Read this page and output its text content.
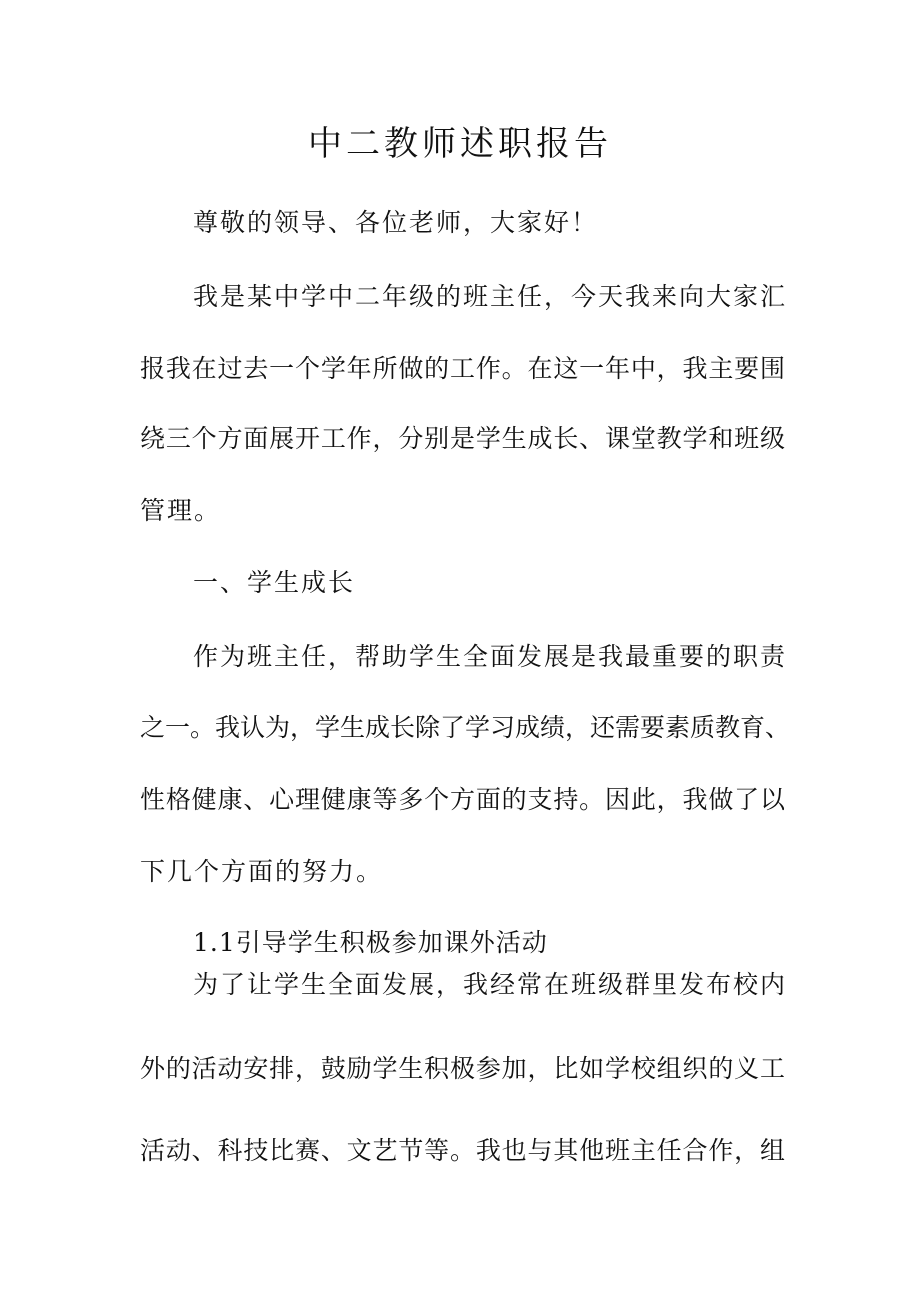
中二教师述职报告
尊敬的领导、各位老师，大家好！
我是某中学中二年级的班主任，今天我来向大家汇
报我在过去一个学年所做的工作。在这一年中，我主要围
绕三个方面展开工作，分别是学生成长、课堂教学和班级
管理。
一、学生成长
作为班主任，帮助学生全面发展是我最重要的职责
之一。我认为，学生成长除了学习成绩，还需要素质教育、
性格健康、心理健康等多个方面的支持。因此，我做了以
下几个方面的努力。
1.1引导学生积极参加课外活动
为了让学生全面发展，我经常在班级群里发布校内
外的活动安排，鼓励学生积极参加，比如学校组织的义工
活动、科技比赛、文艺节等。我也与其他班主任合作，组
